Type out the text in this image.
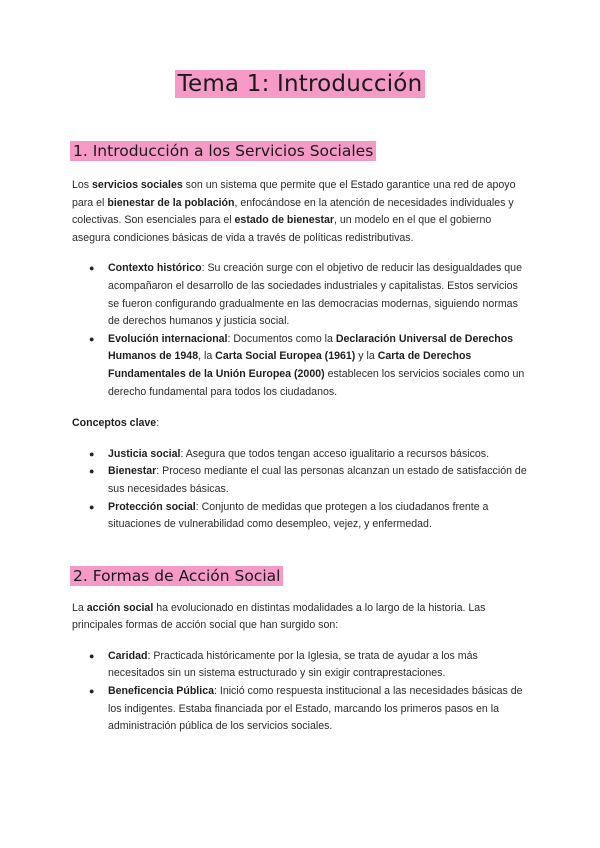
Tema 1: Introducción
1. Introducción a los Servicios Sociales

Los servicios sociales son un sistema que permite que el Estado garantice una red de apoyo para el bienestar de la población, enfocándose en la atención de necesidades individuales y colectivas. Son esenciales para el estado de bienestar, un modelo en el que el gobierno asegura condiciones básicas de vida a través de políticas redistributivas.

● Contexto histórico: Su creación surge con el objetivo de reducir las desigualdades que acompañaron el desarrollo de las sociedades industriales y capitalistas. Estos servicios se fueron configurando gradualmente en las democracias modernas, siguiendo normas de derechos humanos y justicia social.
● Evolución internacional: Documentos como la Declaración Universal de Derechos Humanos de 1948, la Carta Social Europea (1961) y la Carta de Derechos Fundamentales de la Unión Europea (2000) establecen los servicios sociales como un derecho fundamental para todos los ciudadanos.

Conceptos clave:

● Justicia social: Asegura que todos tengan acceso igualitario a recursos básicos.
● Bienestar: Proceso mediante el cual las personas alcanzan un estado de satisfacción de sus necesidades básicas.
● Protección social: Conjunto de medidas que protegen a los ciudadanos frente a situaciones de vulnerabilidad como desempleo, vejez, y enfermedad.
2. Formas de Acción Social

La acción social ha evolucionado en distintas modalidades a lo largo de la historia. Las principales formas de acción social que han surgido son:

● Caridad: Practicada históricamente por la Iglesia, se trata de ayudar a los más necesitados sin un sistema estructurado y sin exigir contraprestaciones.
● Beneficencia Pública: Inició como respuesta institucional a las necesidades básicas de los indigentes. Estaba financiada por el Estado, marcando los primeros pasos en la administración pública de los servicios sociales.
